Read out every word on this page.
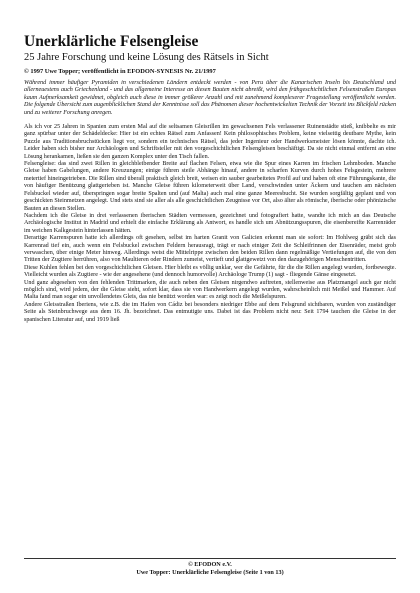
Unerklärliche Felsengleise
25 Jahre Forschung und keine Lösung des Rätsels in Sicht
© 1997 Uwe Topper; veröffentlicht in EFODON-SYNESIS Nr. 21/1997
Während immer häufiger Pyramiden in verschiedenen Ländern entdeckt werden - von Peru über die Kanarischen Inseln bis Deutschland und allerneuestens auch Griechenland - und das allgemeine Interesse an diesen Bauten nicht abreißt, wird den frühgeschichtlichen Felsenstraßen Europas kaum Aufmerksamkeit gewidmet, obgleich auch diese in immer größerer Anzahl und mit zunehmend komplexerer Fragestellung veröffentlicht werden. Die folgende Übersicht zum augenblicklichen Stand der Kenntnisse soll das Phänomen dieser hochentwickelten Technik der Vorzeit ins Blickfeld rücken und zu weiterer Forschung anregen.

Als ich vor 25 Jahren in Spanien zum ersten Mal auf die seltsamen Gleisrillen im gewachsenen Fels verlassener Ruinenstädte stieß, knibbelte es mir ganz spürbar unter der Schädeldecke: Hier ist ein echtes Rätsel zum Anfassen! Kein philosophisches Problem, keine vielseitig deutbare Mythe, kein Puzzle aus Traditionsbruchstücken liegt vor, sondern ein technisches Rätsel, das jeder Ingenieur oder Handwerksmeister lösen könnte, dachte ich. Leider haben sich bisher nur Archäologen und Schriftsteller mit den vorgeschichtlichen Felsengleisen beschäftigt. Da sie nicht einmal entfernt an eine Lösung herankamen, ließen sie den ganzen Komplex unter den Tisch fallen.

Felsengleise: das sind zwei Rillen in gleichbleibender Breite auf flachen Felsen, etwa wie die Spur eines Karren im frischen Lehmboden. Manche Gleise haben Gabelungen, andere Kreuzungen; einige führen steile Abhänge hinauf, andere in scharfen Kurven durch hohes Felsgestein, mehrere metertief hineingetrieben. Die Rillen sind überall praktisch gleich breit, weisen ein sauber gearbeitetes Profil auf und haben oft eine Führungskante, die von häufiger Benützung glattgerieben ist. Manche Gleise führen kilometerweit über Land, verschwinden unter Äckern und tauchen am nächsten Felsbuckel wieder auf, überspringen sogar breite Spalten und (auf Malta) auch mal eine ganze Meeresbucht. Sie wurden sorgfältig geplant und von geschickten Steinmetzen angelegt. Und stets sind sie aller als alle geschichtlichen Zeugnisse vor Ort, also älter als römische, iberische oder phönizische Bauten an diesen Stellen.

Nachdem ich die Gleise in drei verlassenen iberischen Städten vermessen, gezeichnet und fotografiert hatte, wandte ich mich an das Deutsche Archäologische Institut in Madrid und erhielt die einfache Erklärung als Antwort, es handle sich um Abnützungsspuren, die eisenbereifte Karrenräder im weichen Kalkgestein hinterlassen hätten.

Derartige Karrenspuren hatte ich allerdings oft gesehen, selbst im harten Granit von Galicien erkennt man sie sofort: Im Hohlweg gräbt sich das Karrenrad tief ein, auch wenn ein Felsbuckel zwischen Feldern herausragt, trägt er nach einiger Zeit die Schleifrinnen der Eisenräder, meist grob verwaschen, über einige Meter hinweg. Allerdings weist die Mittelrippe zwischen den beiden Rillen dann regelmäßige Vertiefungen auf, die von den Tritten der Zugtiere herrühren, also von Maultieren oder Rindern zumeist, vertieft und glattgewetzt von den dazugehörigen Menschentritten.

Diese Kuhlen fehlen bei den vorgeschichtlichen Gleisen. Hier bleibt es völlig unklar, wer die Gefährte, für die die Rillen angelegt wurden, fortbewegte. Vielleicht wurden als Zugtiere - wie der angesehene (und dennoch humorvolle) Archäologe Trump (1) sagt - fliegende Gänse eingesetzt.

Und ganz abgesehen von den fehlenden Trittmarken, die auch neben den Gleisen nirgendwo auftreten, stellenweise aus Platzmangel auch gar nicht möglich sind, wird jedem, der die Gleise sieht, sofort klar, dass sie von Handwerkern angelegt wurden, wahrscheinlich mit Meißel und Hammer. Auf Malta fand man sogar ein unvollendetes Gleis, das nie benützt worden war: es zeigt noch die Meißelspuren.

Andere Gleisstraßen Iberiens, wie z.B. die im Hafen von Cádiz bei besonders niedriger Ebbe auf dem Felsgrund sichtbaren, wurden von zuständiger Seite als Steinbruchwege aus dem 16. Jh. bezeichnet. Das entmutigte uns. Dabei ist das Problem nicht neu: Seit 1794 tauchen die Gleise in der spanischen Literatur auf, und 1919 ließ

© EFODON e.V.
Uwe Topper: Unerklärliche Felsengleise (Seite 1 von 13)
